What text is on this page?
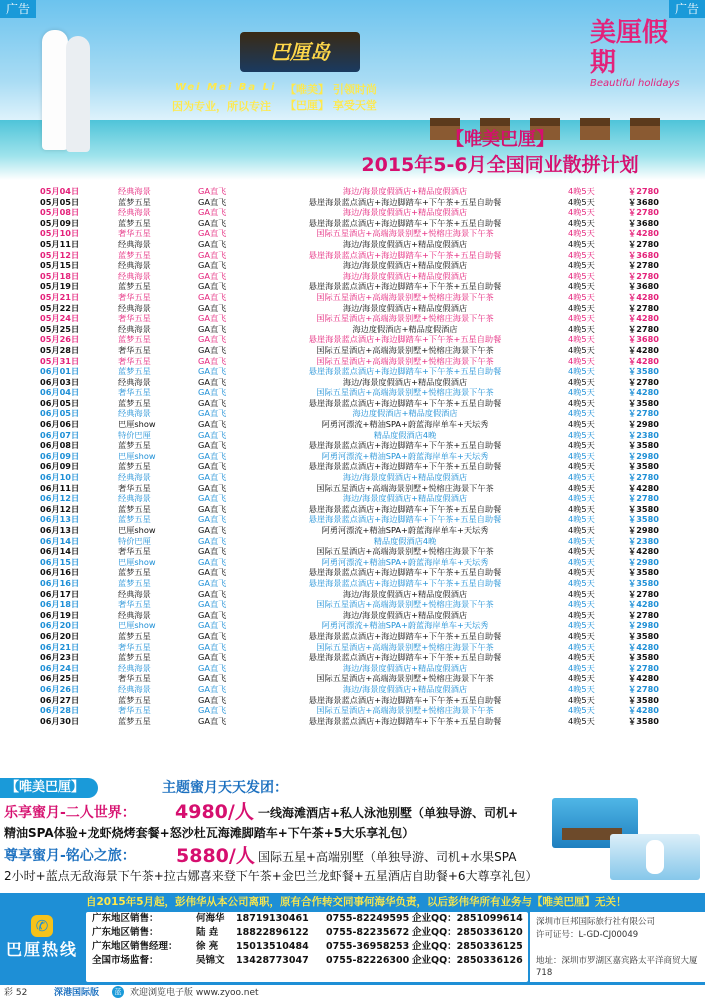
广告	广告
巴厘岛
Wei Mei Ba Li
因为专业，所以专注
【唯美】 引领时尚
【巴厘】 享受天堂
美厘假期
Beautiful holidays
【唯美巴厘】
2015年5-6月全国同业散拼计划
05月04日	经典海景	GA直飞	海边/海景度假酒店+精品度假酒店	4晚5天	￥2780
05月05日	蓝梦五星	GA直飞	悬崖海景蓝点酒店+海边脚踏车+下午茶+五星自助餐	4晚5天	￥3680
05月08日	经典海景	GA直飞	海边/海景度假酒店+精品度假酒店	4晚5天	￥2780
05月09日	蓝梦五星	GA直飞	悬崖海景蓝点酒店+海边脚踏车+下午茶+五星自助餐	4晚5天	￥3680
05月10日	奢华五星	GA直飞	国际五星酒店+高端海景别墅+悦榕庄海景下午茶	4晚5天	￥4280
05月11日	经典海景	GA直飞	海边/海景度假酒店+精品度假酒店	4晚5天	￥2780
05月12日	蓝梦五星	GA直飞	悬崖海景蓝点酒店+海边脚踏车+下午茶+五星自助餐	4晚5天	￥3680
05月15日	经典海景	GA直飞	海边/海景度假酒店+精品度假酒店	4晚5天	￥2780
05月18日	经典海景	GA直飞	海边/海景度假酒店+精品度假酒店	4晚5天	￥2780
05月19日	蓝梦五星	GA直飞	悬崖海景蓝点酒店+海边脚踏车+下午茶+五星自助餐	4晚5天	￥3680
05月21日	奢华五星	GA直飞	国际五星酒店+高端海景别墅+悦榕庄海景下午茶	4晚5天	￥4280
05月22日	经典海景	GA直飞	海边/海景度假酒店+精品度假酒店	4晚5天	￥2780
05月24日	奢华五星	GA直飞	国际五星酒店+高端海景别墅+悦榕庄海景下午茶	4晚5天	￥4280
05月25日	经典海景	GA直飞	海边度假酒店+精品度假酒店	4晚5天	￥2780
05月26日	蓝梦五星	GA直飞	悬崖海景蓝点酒店+海边脚踏车+下午茶+五星自助餐	4晚5天	￥3680
05月28日	奢华五星	GA直飞	国际五星酒店+高端海景别墅+悦榕庄海景下午茶	4晚5天	￥4280
05月31日	奢华五星	GA直飞	国际五星酒店+高端海景别墅+悦榕庄海景下午茶	4晚5天	￥4280
06月01日	蓝梦五星	GA直飞	悬崖海景蓝点酒店+海边脚踏车+下午茶+五星自助餐	4晚5天	￥3580
06月03日	经典海景	GA直飞	海边/海景度假酒店+精品度假酒店	4晚5天	￥2780
06月04日	奢华五星	GA直飞	国际五星酒店+高端海景别墅+悦榕庄海景下午茶	4晚5天	￥4280
06月05日	蓝梦五星	GA直飞	悬崖海景蓝点酒店+海边脚踏车+下午茶+五星自助餐	4晚5天	￥3580
06月05日	经典海景	GA直飞	海边度假酒店+精品度假酒店	4晚5天	￥2780
06月06日	巴厘show	GA直飞	阿勇河漂流+精油SPA+蔚蓝海岸单车+天坛秀	4晚5天	￥2980
06月07日	特价巴厘	GA直飞	精品度假酒店4晚	4晚5天	￥2380
06月08日	蓝梦五星	GA直飞	悬崖海景蓝点酒店+海边脚踏车+下午茶+五星自助餐	4晚5天	￥3580
06月09日	巴厘show	GA直飞	阿勇河漂流+精油SPA+蔚蓝海岸单车+天坛秀	4晚5天	￥2980
06月09日	蓝梦五星	GA直飞	悬崖海景蓝点酒店+海边脚踏车+下午茶+五星自助餐	4晚5天	￥3580
06月10日	经典海景	GA直飞	海边/海景度假酒店+精品度假酒店	4晚5天	￥2780
06月11日	奢华五星	GA直飞	国际五星酒店+高端海景别墅+悦榕庄海景下午茶	4晚5天	￥4280
06月12日	经典海景	GA直飞	海边/海景度假酒店+精品度假酒店	4晚5天	￥2780
06月12日	蓝梦五星	GA直飞	悬崖海景蓝点酒店+海边脚踏车+下午茶+五星自助餐	4晚5天	￥3580
06月13日	蓝梦五星	GA直飞	悬崖海景蓝点酒店+海边脚踏车+下午茶+五星自助餐	4晚5天	￥3580
06月13日	巴厘show	GA直飞	阿勇河漂流+精油SPA+蔚蓝海岸单车+天坛秀	4晚5天	￥2980
06月14日	特价巴厘	GA直飞	精品度假酒店4晚	4晚5天	￥2380
06月14日	奢华五星	GA直飞	国际五星酒店+高端海景别墅+悦榕庄海景下午茶	4晚5天	￥4280
06月15日	巴厘show	GA直飞	阿勇河漂流+精油SPA+蔚蓝海岸单车+天坛秀	4晚5天	￥2980
06月16日	蓝梦五星	GA直飞	悬崖海景蓝点酒店+海边脚踏车+下午茶+五星自助餐	4晚5天	￥3580
06月16日	蓝梦五星	GA直飞	悬崖海景蓝点酒店+海边脚踏车+下午茶+五星自助餐	4晚5天	￥3580
06月17日	经典海景	GA直飞	海边/海景度假酒店+精品度假酒店	4晚5天	￥2780
06月18日	奢华五星	GA直飞	国际五星酒店+高端海景别墅+悦榕庄海景下午茶	4晚5天	￥4280
06月19日	经典海景	GA直飞	海边/海景度假酒店+精品度假酒店	4晚5天	￥2780
06月20日	巴厘show	GA直飞	阿勇河漂流+精油SPA+蔚蓝海岸单车+天坛秀	4晚5天	￥2980
06月20日	蓝梦五星	GA直飞	悬崖海景蓝点酒店+海边脚踏车+下午茶+五星自助餐	4晚5天	￥3580
06月21日	奢华五星	GA直飞	国际五星酒店+高端海景别墅+悦榕庄海景下午茶	4晚5天	￥4280
06月23日	蓝梦五星	GA直飞	悬崖海景蓝点酒店+海边脚踏车+下午茶+五星自助餐	4晚5天	￥3580
06月24日	经典海景	GA直飞	海边/海景度假酒店+精品度假酒店	4晚5天	￥2780
06月25日	奢华五星	GA直飞	国际五星酒店+高端海景别墅+悦榕庄海景下午茶	4晚5天	￥4280
06月26日	经典海景	GA直飞	海边/海景度假酒店+精品度假酒店	4晚5天	￥2780
06月27日	蓝梦五星	GA直飞	悬崖海景蓝点酒店+海边脚踏车+下午茶+五星自助餐	4晚5天	￥3580
06月28日	奢华五星	GA直飞	国际五星酒店+高端海景别墅+悦榕庄海景下午茶	4晚5天	￥4280
06月30日	蓝梦五星	GA直飞	悬崖海景蓝点酒店+海边脚踏车+下午茶+五星自助餐	4晚5天	￥3580
【唯美巴厘】	主题蜜月天天发团：
乐享蜜月-二人世界： 4980/人 一线海滩酒店+私人泳池别墅（单独导游、司机+
精油SPA体验+龙虾烧烤套餐+怒沙杜瓦海滩脚踏车+下午茶+5大乐享礼包）
尊享蜜月-铭心之旅： 5880/人 国际五星+高端别墅（单独导游、司机+水果SPA
2小时+蓝点无敌海景下午茶+拉古娜喜来登下午茶+金巴兰龙虾餐+五星酒店自助餐+6大尊享礼包）
自2015年5月起，彭伟华从本公司离职，原有合作转交同事何海华负责，以后彭伟华所有业务与【唯美巴厘】无关！
✆
巴厘热线
广东地区销售：	何海华	18719130461	0755-82249595 企业QQ：2851099614
广东地区销售：	陆 垚	18822896122	0755-82235672 企业QQ：2850336120
广东地区销售经理：	徐 亮	15013510484	0755-36958253 企业QQ：2850336125
全国市场监督：	吴锦文	13428773047	0755-82226300 企业QQ：2850336126
深圳市巨邦国际旅行社有限公司
许可证号：L-GD-CJ00049
地址：深圳市罗湖区嘉宾路太平洋商贸大厦718
彩 52	深港国际版	蓝 欢迎浏览电子版 www.zyoo.net
